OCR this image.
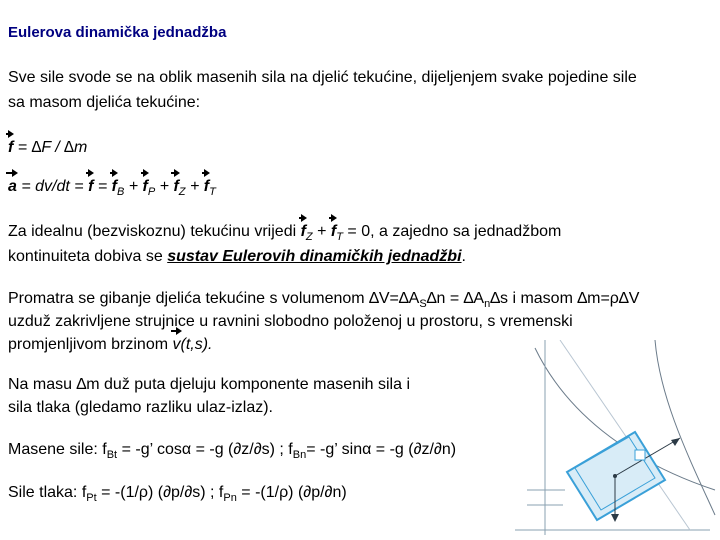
Eulerova dinamička jednadžba
Sve sile svode se na oblik masenih sila na djelić tekućine, dijeljenjem svake pojedine sile
sa masom djelića tekućine:
f = ∆F / ∆m
$a = dv/dt = f = f_B + f_P + f_Z + f_T$
Za idealnu (bezviskoznu) tekućinu vrijedi $f_Z + f_T = 0$, a zajedno sa jednadžbom
kontinuiteta dobiva se sustav Eulerovih dinamičkih jednadžbi.
Promatra se gibanje djelića tekućine s volumenom $\Delta V=\Delta A_S\Delta n = \Delta A_n\Delta s$ i masom ∆m=ρ∆V
uzduž zakrivljene strujnice u ravnini slobodno položenoj u prostoru, s vremenski
promjenljivom brzinom v(t,s).
Na masu ∆m duž puta djeluju komponente masenih sila i
sila tlaka (gledamo razliku ulaz-izlaz).
Masene sile: $f_{Bt} = -g$’ cosα = -g (∂z/∂s) ; $f_{Bn}= -g$’ sinα = -g (∂z/∂n)
Sile tlaka: $f_{Pt} = -(1/\rho)$ (∂p/∂s) ; $f_{Pn} = -(1/\rho)$ (∂p/∂n)
